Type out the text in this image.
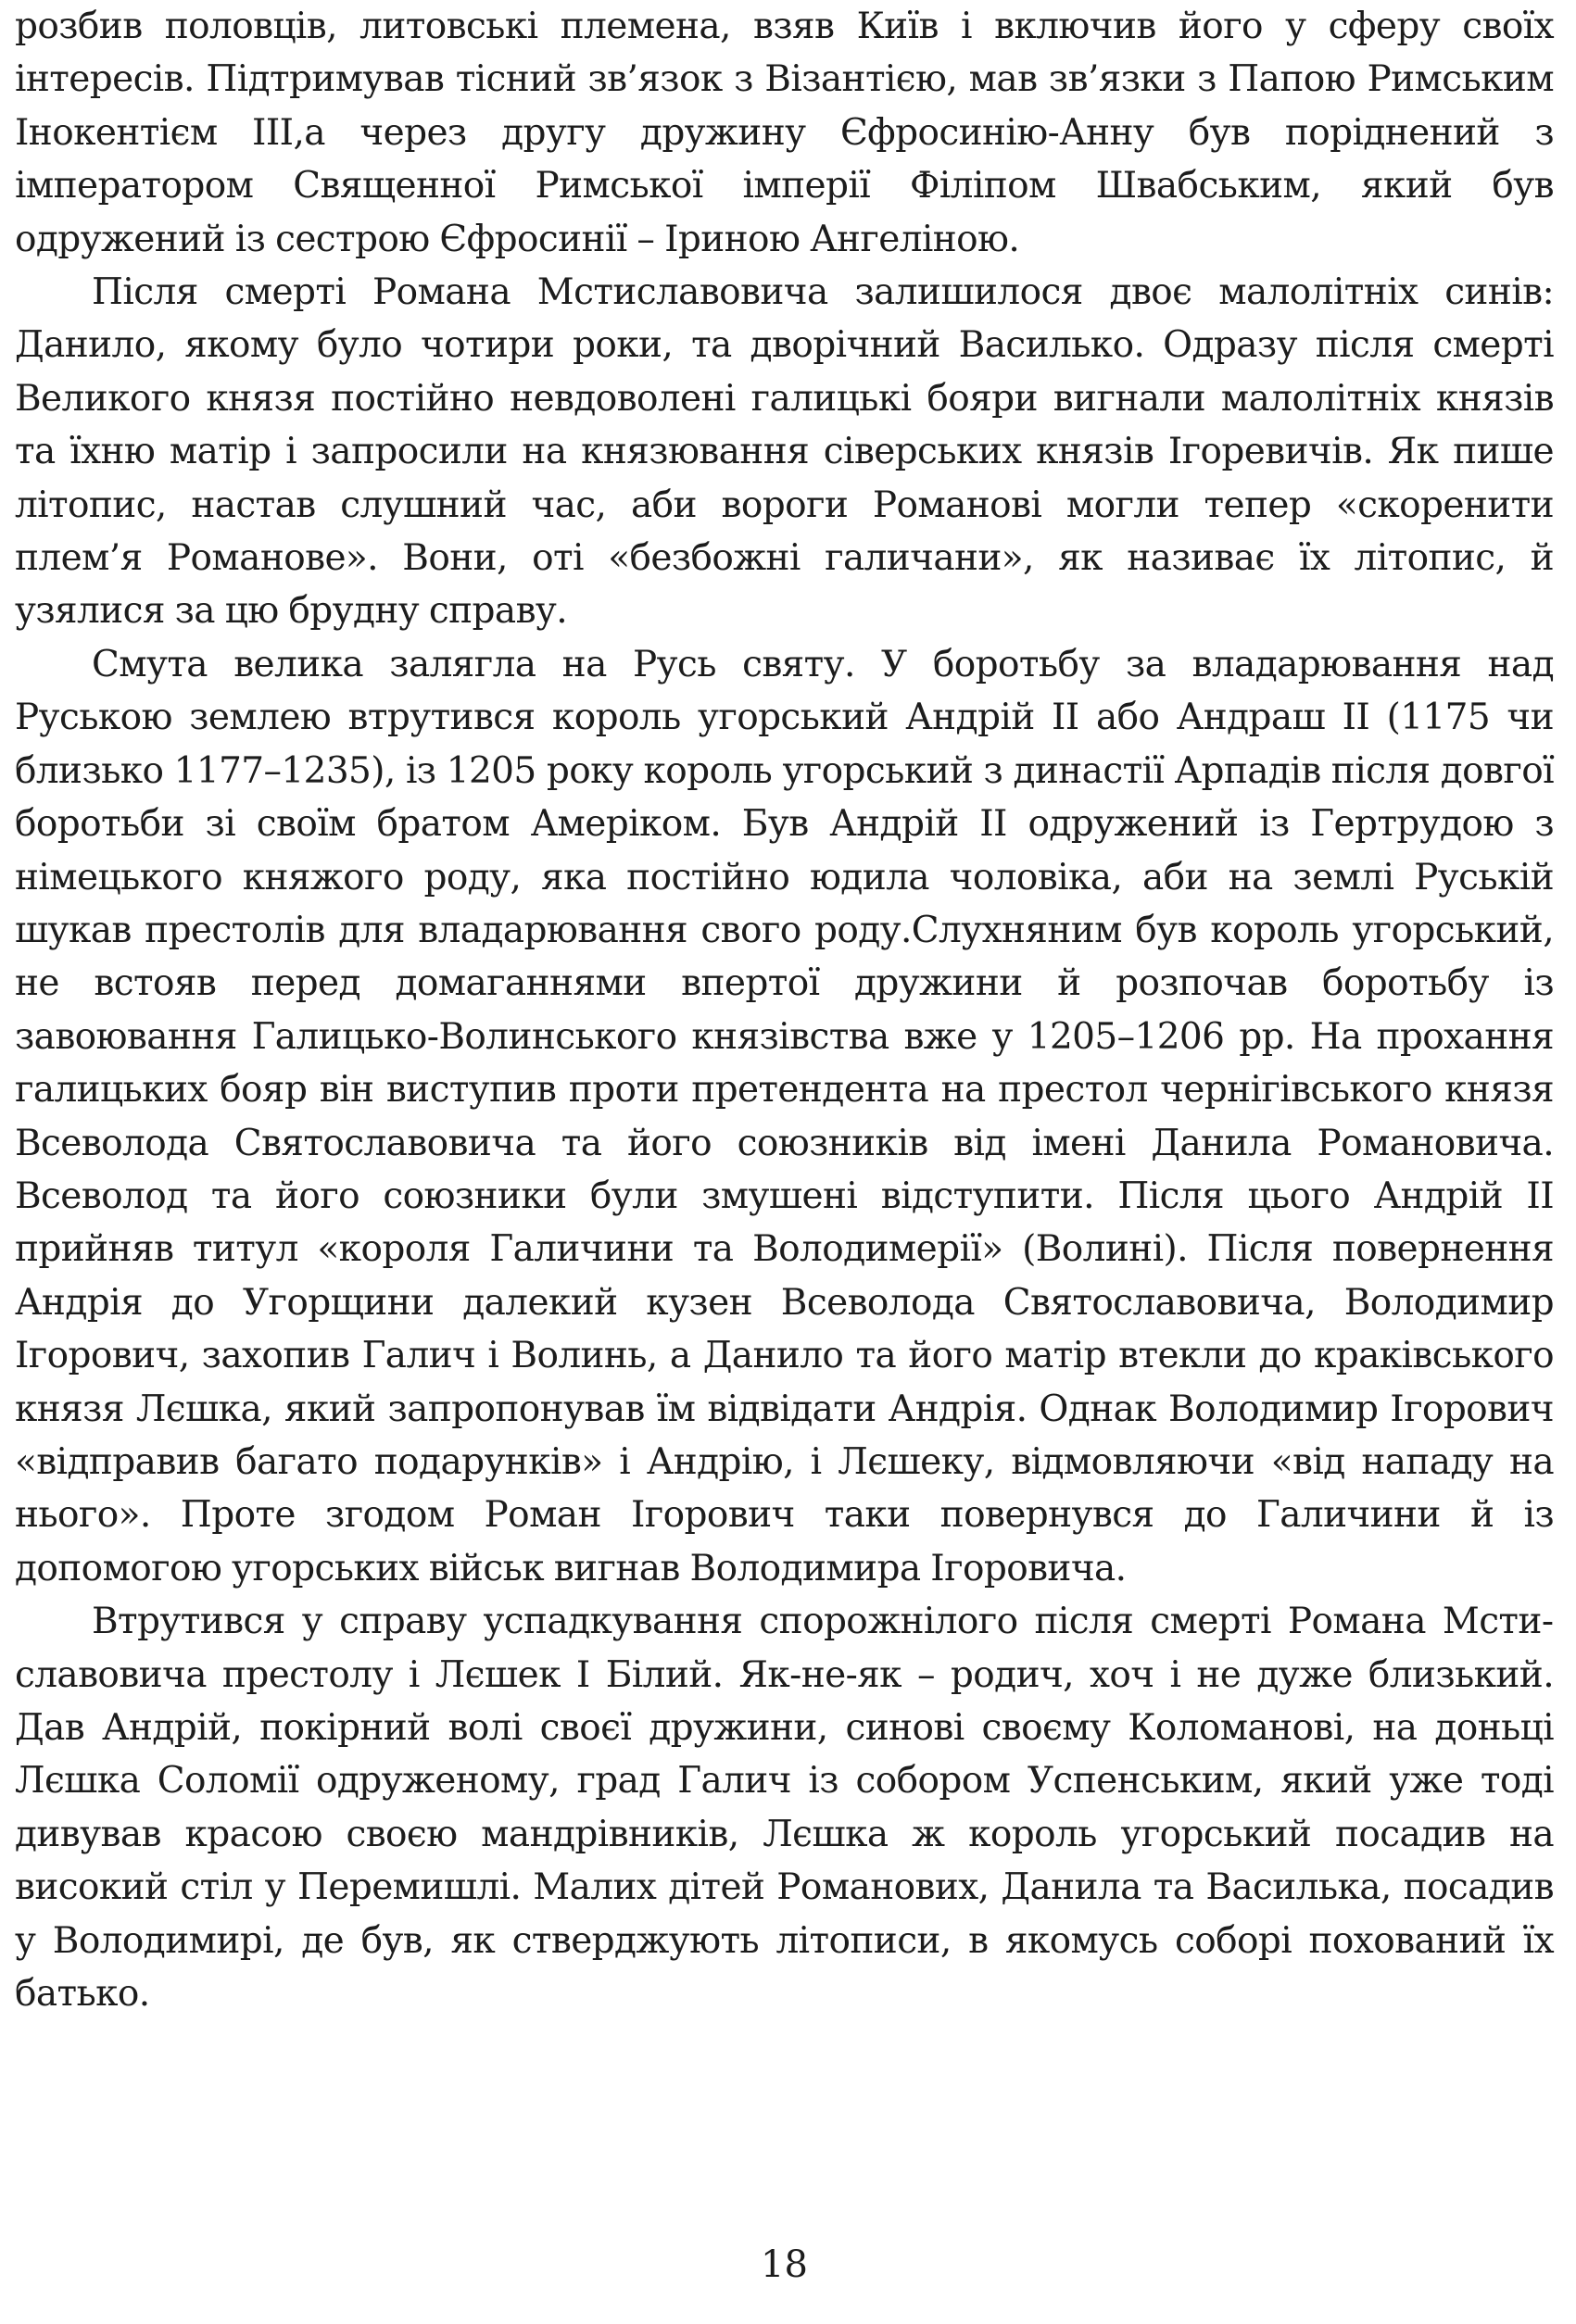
розбив половців, литовські племена, взяв Київ і включив його у сферу своїх інтересів. Підтримував тісний зв’язок з Візантією, мав зв’язки з Папою Римським Інокентієм ІІІ,а через другу дружину Єфросинію-Анну був поріднений з імператором Священної Римської імперії Філіпом Швабським, який був одружений із сестрою Єфросинії – Іриною Ангеліною.

Після смерті Романа Мстиславовича залишилося двоє малолітніх синів: Данило, якому було чотири роки, та дворічний Василько. Одразу після смерті Великого князя постійно невдоволені галицькі бояри вигнали малолітніх князів та їхню матір і запросили на князювання сіверських князів Ігоревичів. Як пише літопис, настав слушний час, аби вороги Романові могли тепер «скоренити плем’я Романове». Вони, оті «безбожні галичани», як називає їх літопис, й узялися за цю брудну справу.

Смута велика залягла на Русь святу. У боротьбу за владарювання над Руською землею втрутився король угорський Андрій ІІ або Андраш ІІ (1175 чи близько 1177–1235), із 1205 року король угорський з династії Арпадів після довгої боротьби зі своїм братом Амеріком. Був Андрій ІІ одружений із Гертрудою з німецького княжого роду, яка постійно юдила чоловіка, аби на землі Руській шукав престолів для владарювання свого роду.Слухняним був король угорський, не встояв перед домаганнями впертої дружини й розпочав боротьбу із завоювання Галицько-Волинського князівства вже у 1205–1206 рр. На прохання галицьких бояр він виступив проти претендента на престол чернігівського князя Всеволода Святославовича та його союзників від імені Данила Романовича. Всеволод та його союзники були змушені відступити. Після цього Андрій ІІ прийняв титул «короля Галичини та Володимерії» (Волині). Після повернення Андрія до Угорщини далекий кузен Всеволода Святославовича, Володимир Ігорович, захопив Галич і Волинь, а Данило та його матір втекли до краківського князя Лєшка, який запропонував їм відвідати Андрія. Однак Володимир Ігорович «відправив багато подарунків» і Андрію, і Лєшеку, відмовляючи «від нападу на нього». Проте згодом Роман Ігорович таки повернувся до Галичини й із допомогою угорських військ вигнав Володимира Ігоровича.

Втрутився у справу успадкування спорожнілого після смерті Романа Мстиславовича престолу і Лєшек І Білий. Як-не-як – родич, хоч і не дуже близький. Дав Андрій, покірний волі своєї дружини, синові своєму Коломанові, на доньці Лєшка Соломії одруженому, град Галич із собором Успенським, який уже тоді дивував красою своєю мандрівників, Лєшка ж король угорський посадив на високий стіл у Перемишлі. Малих дітей Романових, Данила та Василька, посадив у Володимирі, де був, як стверджують літописи, в якомусь соборі похований їх батько.

18
